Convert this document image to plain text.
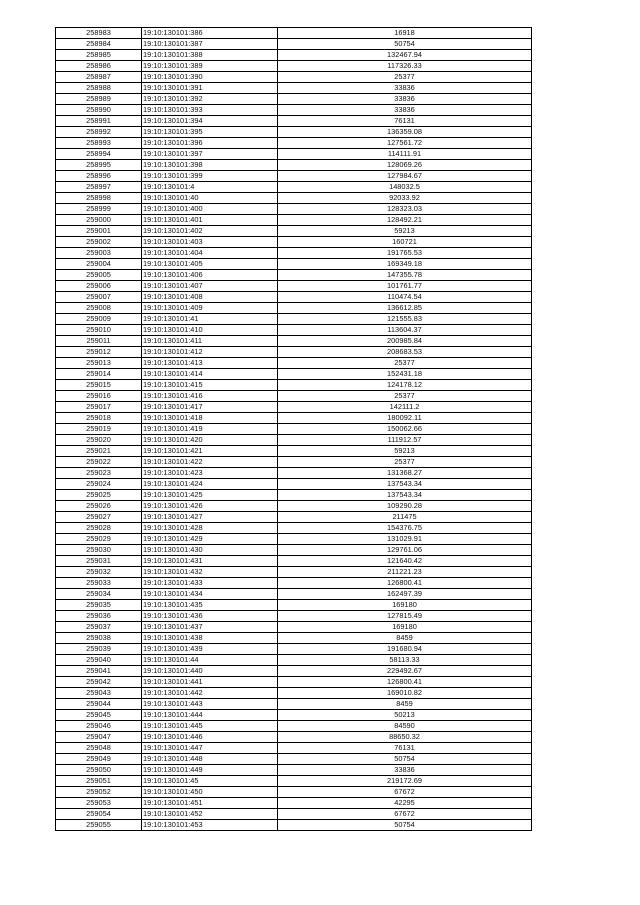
258983	19:10:130101:386	16918
258984	19:10:130101:387	50754
258985	19:10:130101:388	132467.94
258986	19:10:130101:389	117326.33
258987	19:10:130101:390	25377
258988	19:10:130101:391	33836
258989	19:10:130101:392	33836
258990	19:10:130101:393	33836
258991	19:10:130101:394	76131
258992	19:10:130101:395	136359.08
258993	19:10:130101:396	127561.72
258994	19:10:130101:397	114111.91
258995	19:10:130101:398	128069.26
258996	19:10:130101:399	127984.67
258997	19:10:130101:4	148032.5
258998	19:10:130101:40	92033.92
258999	19:10:130101:400	128323.03
259000	19:10:130101:401	128492.21
259001	19:10:130101:402	59213
259002	19:10:130101:403	160721
259003	19:10:130101:404	191765.53
259004	19:10:130101:405	169349.18
259005	19:10:130101:406	147355.78
259006	19:10:130101:407	101761.77
259007	19:10:130101:408	110474.54
259008	19:10:130101:409	136612.85
259009	19:10:130101:41	121555.83
259010	19:10:130101:410	113604.37
259011	19:10:130101:411	200985.84
259012	19:10:130101:412	208683.53
259013	19:10:130101:413	25377
259014	19:10:130101:414	152431.18
259015	19:10:130101:415	124178.12
259016	19:10:130101:416	25377
259017	19:10:130101:417	142111.2
259018	19:10:130101:418	180092.11
259019	19:10:130101:419	150062.66
259020	19:10:130101:420	111912.57
259021	19:10:130101:421	59213
259022	19:10:130101:422	25377
259023	19:10:130101:423	131368.27
259024	19:10:130101:424	137543.34
259025	19:10:130101:425	137543.34
259026	19:10:130101:426	109290.28
259027	19:10:130101:427	211475
259028	19:10:130101:428	154376.75
259029	19:10:130101:429	131029.91
259030	19:10:130101:430	129761.06
259031	19:10:130101:431	121640.42
259032	19:10:130101:432	211221.23
259033	19:10:130101:433	126800.41
259034	19:10:130101:434	162497.39
259035	19:10:130101:435	169180
259036	19:10:130101:436	127815.49
259037	19:10:130101:437	169180
259038	19:10:130101:438	8459
259039	19:10:130101:439	191680.94
259040	19:10:130101:44	58113.33
259041	19:10:130101:440	229492.67
259042	19:10:130101:441	126800.41
259043	19:10:130101:442	169010.82
259044	19:10:130101:443	8459
259045	19:10:130101:444	50213
259046	19:10:130101:445	84590
259047	19:10:130101:446	88650.32
259048	19:10:130101:447	76131
259049	19:10:130101:448	50754
259050	19:10:130101:449	33836
259051	19:10:130101:45	219172.69
259052	19:10:130101:450	67672
259053	19:10:130101:451	42295
259054	19:10:130101:452	67672
259055	19:10:130101:453	50754
